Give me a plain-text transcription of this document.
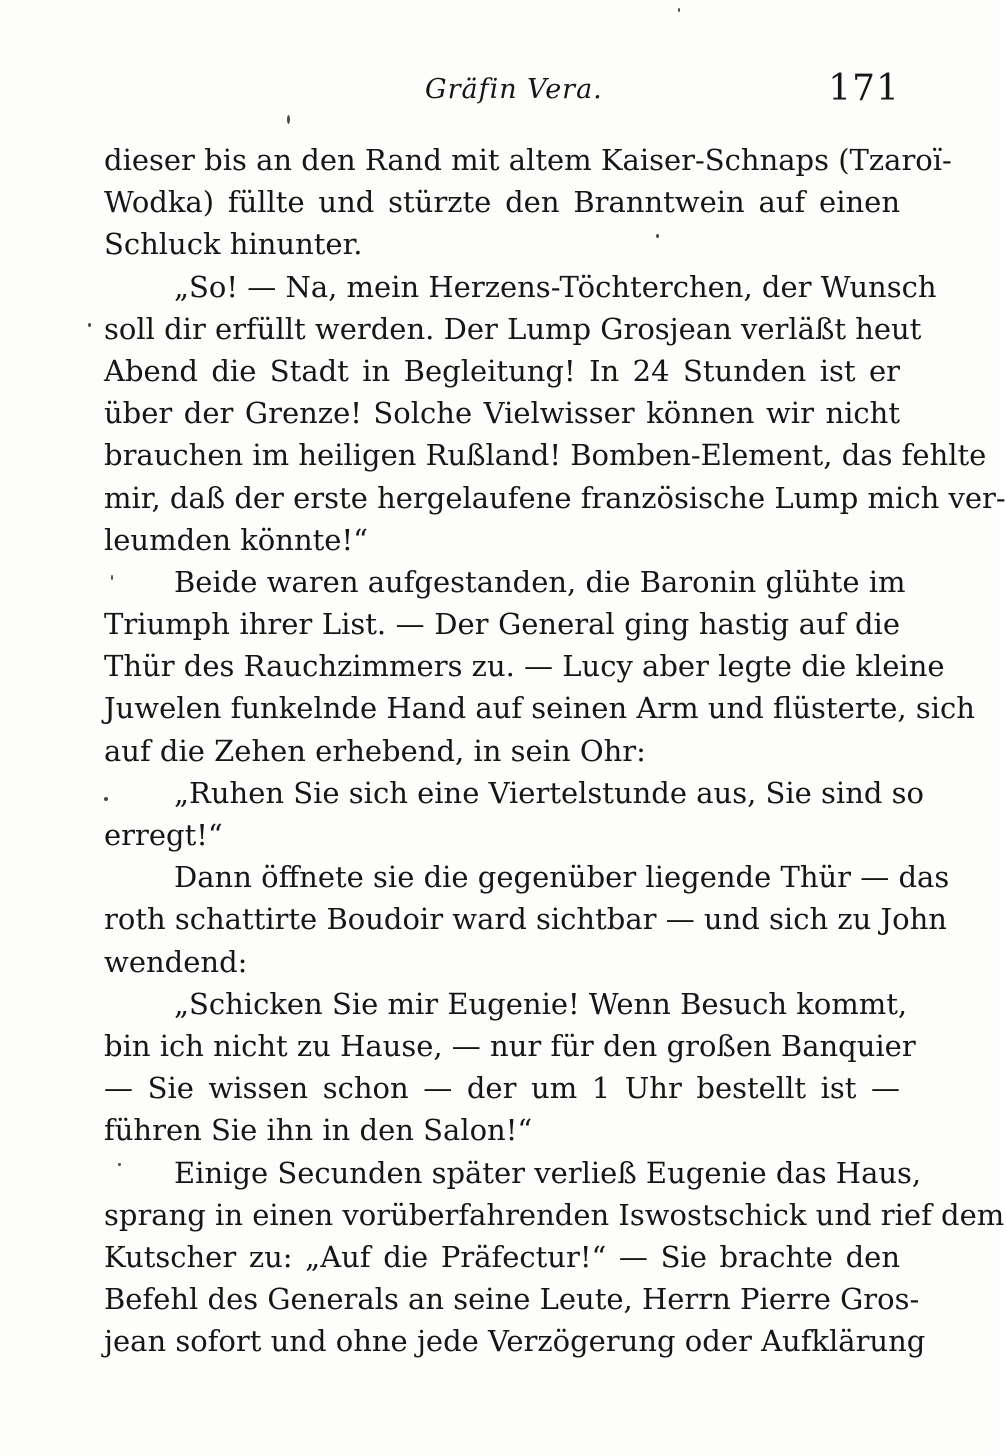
Gräfin Vera.	171
dieser bis an den Rand mit altem Kaiser-Schnaps (Tzaroï-
Wodka) füllte und stürzte den Branntwein auf einen
Schluck hinunter.
„So! — Na, mein Herzens-Töchterchen, der Wunsch
soll dir erfüllt werden. Der Lump Grosjean verläßt heut
Abend die Stadt in Begleitung! In 24 Stunden ist er
über der Grenze! Solche Vielwisser können wir nicht
brauchen im heiligen Rußland! Bomben-Element, das fehlte
mir, daß der erste hergelaufene französische Lump mich ver-
leumden könnte!“
Beide waren aufgestanden, die Baronin glühte im
Triumph ihrer List. — Der General ging hastig auf die
Thür des Rauchzimmers zu. — Lucy aber legte die kleine
Juwelen funkelnde Hand auf seinen Arm und flüsterte, sich
auf die Zehen erhebend, in sein Ohr:
„Ruhen Sie sich eine Viertelstunde aus, Sie sind so
erregt!“
Dann öffnete sie die gegenüber liegende Thür — das
roth schattirte Boudoir ward sichtbar — und sich zu John
wendend:
„Schicken Sie mir Eugenie! Wenn Besuch kommt,
bin ich nicht zu Hause, — nur für den großen Banquier
— Sie wissen schon — der um 1 Uhr bestellt ist —
führen Sie ihn in den Salon!“
Einige Secunden später verließ Eugenie das Haus,
sprang in einen vorüberfahrenden Iswostschick und rief dem
Kutscher zu: „Auf die Präfectur!“ — Sie brachte den
Befehl des Generals an seine Leute, Herrn Pierre Gros-
jean sofort und ohne jede Verzögerung oder Aufklärung
